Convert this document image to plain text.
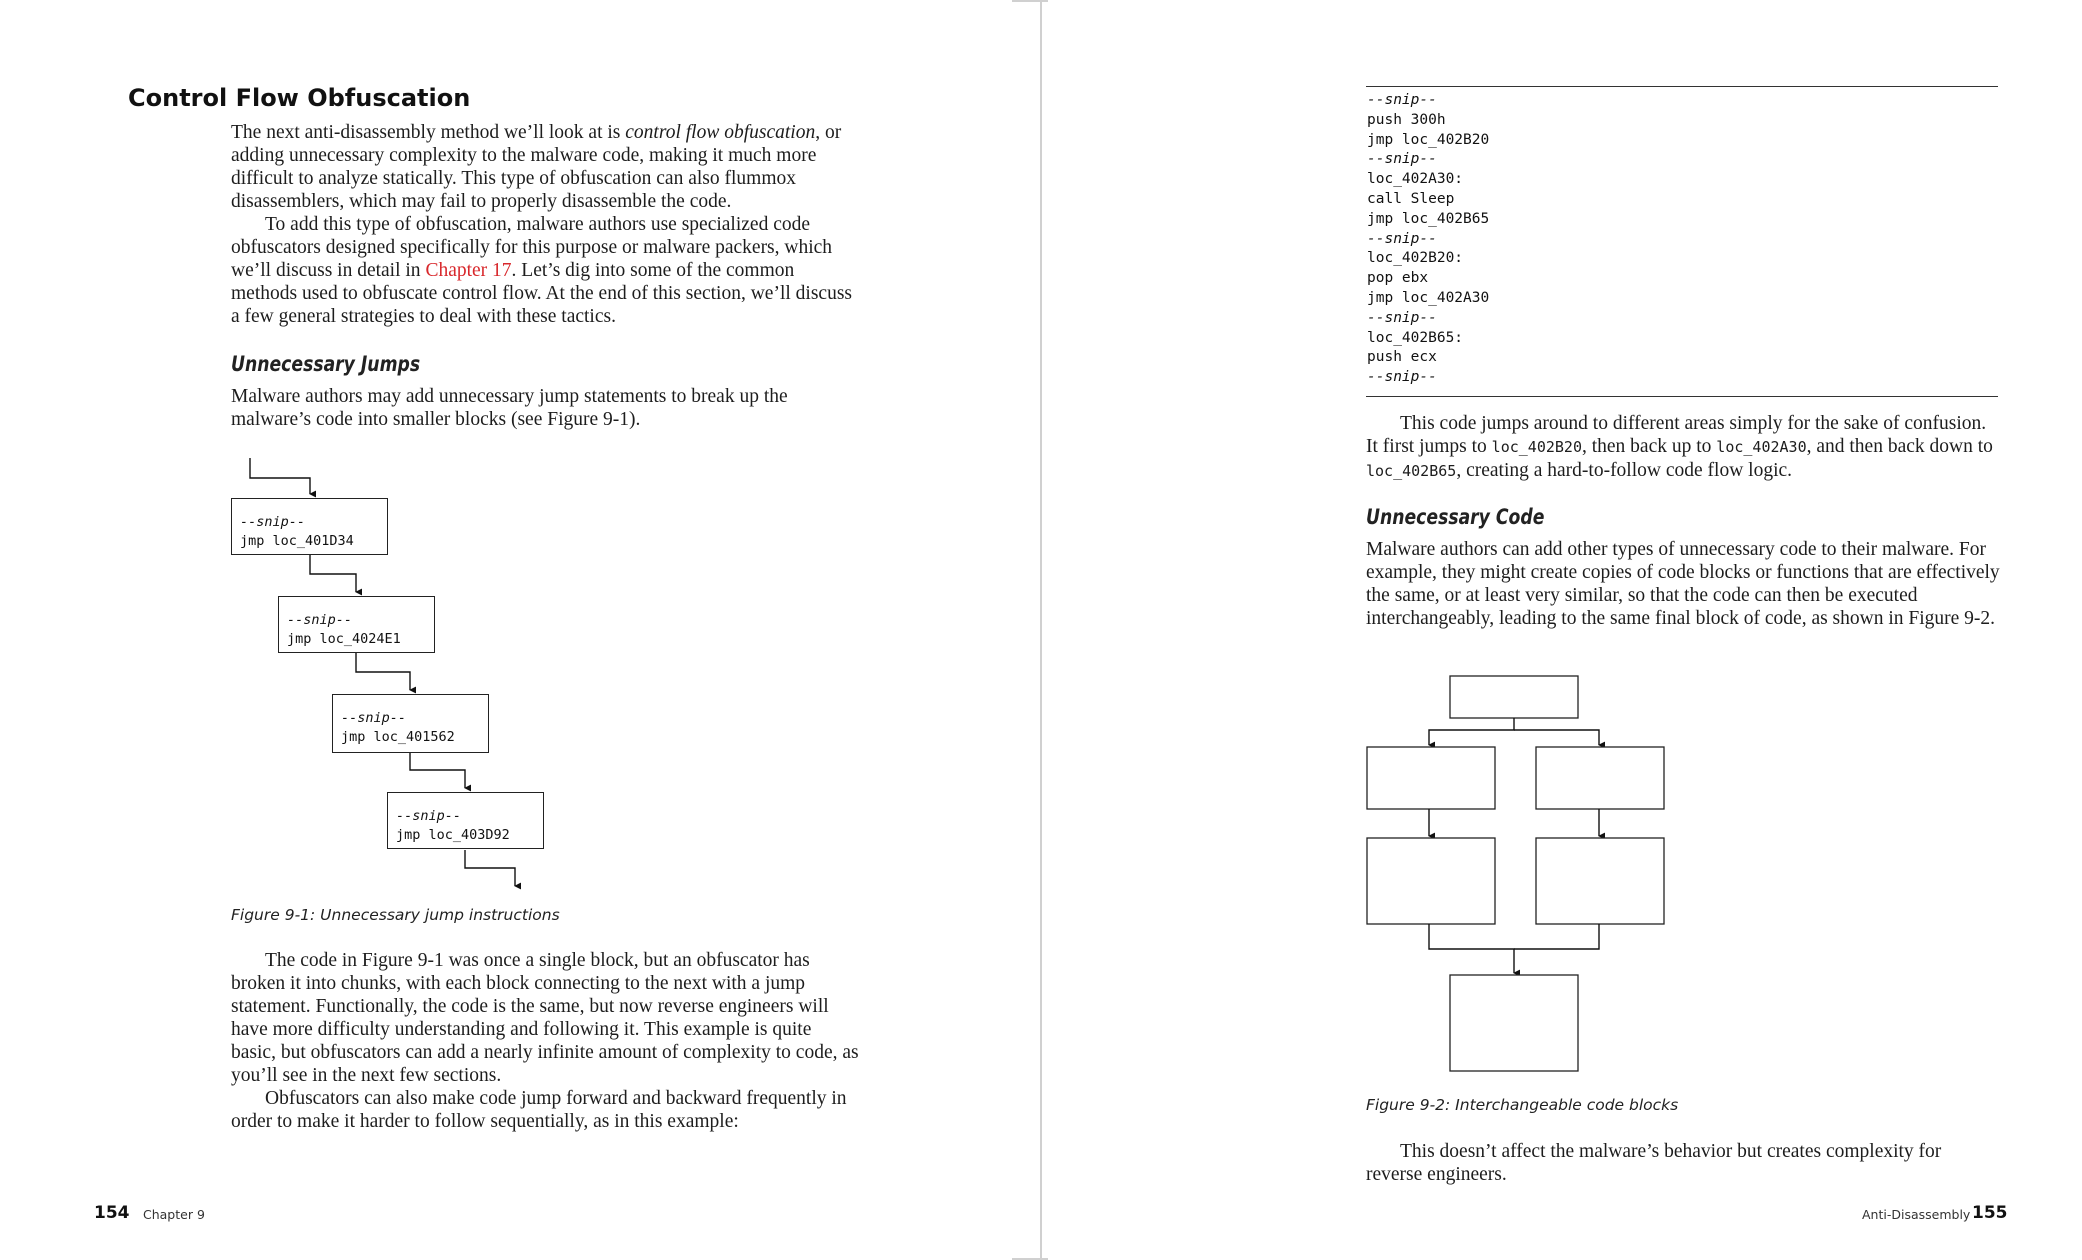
Control Flow Obfuscation

The next anti-disassembly method we’ll look at is control flow obfuscation, or adding unnecessary complexity to the malware code, making it much more difficult to analyze statically. This type of obfuscation can also flummox disassemblers, which may fail to properly disassemble the code.

To add this type of obfuscation, malware authors use specialized code obfuscators designed specifically for this purpose or malware packers, which we’ll discuss in detail in Chapter 17. Let’s dig into some of the common methods used to obfuscate control flow. At the end of this section, we’ll discuss a few general strategies to deal with these tactics.

Unnecessary Jumps

Malware authors may add unnecessary jump statements to break up the malware’s code into smaller blocks (see Figure 9-1).

--snip--
jmp loc_401D34
--snip--
jmp loc_4024E1
--snip--
jmp loc_401562
--snip--
jmp loc_403D92
Figure 9-1: Unnecessary jump instructions

The code in Figure 9-1 was once a single block, but an obfuscator has broken it into chunks, with each block connecting to the next with a jump statement. Functionally, the code is the same, but now reverse engineers will have more difficulty understanding and following it. This example is quite basic, but obfuscators can add a nearly infinite amount of complexity to code, as you’ll see in the next few sections.

Obfuscators can also make code jump forward and backward frequently in order to make it harder to follow sequentially, as in this example:

154 Chapter 9
--snip--
push 300h
jmp loc_402B20
--snip--
loc_402A30:
call Sleep
jmp loc_402B65
--snip--
loc_402B20:
pop ebx
jmp loc_402A30
--snip--
loc_402B65:
push ecx
--snip--

This code jumps around to different areas simply for the sake of confusion. It first jumps to loc_402B20, then back up to loc_402A30, and then back down to loc_402B65, creating a hard-to-follow code flow logic.

Unnecessary Code

Malware authors can add other types of unnecessary code to their malware. For example, they might create copies of code blocks or functions that are effectively the same, or at least very similar, so that the code can then be executed interchangeably, leading to the same final block of code, as shown in Figure 9-2.

Figure 9-2: Interchangeable code blocks

This doesn’t affect the malware’s behavior but creates complexity for reverse engineers.

Anti-Disassembly 155
